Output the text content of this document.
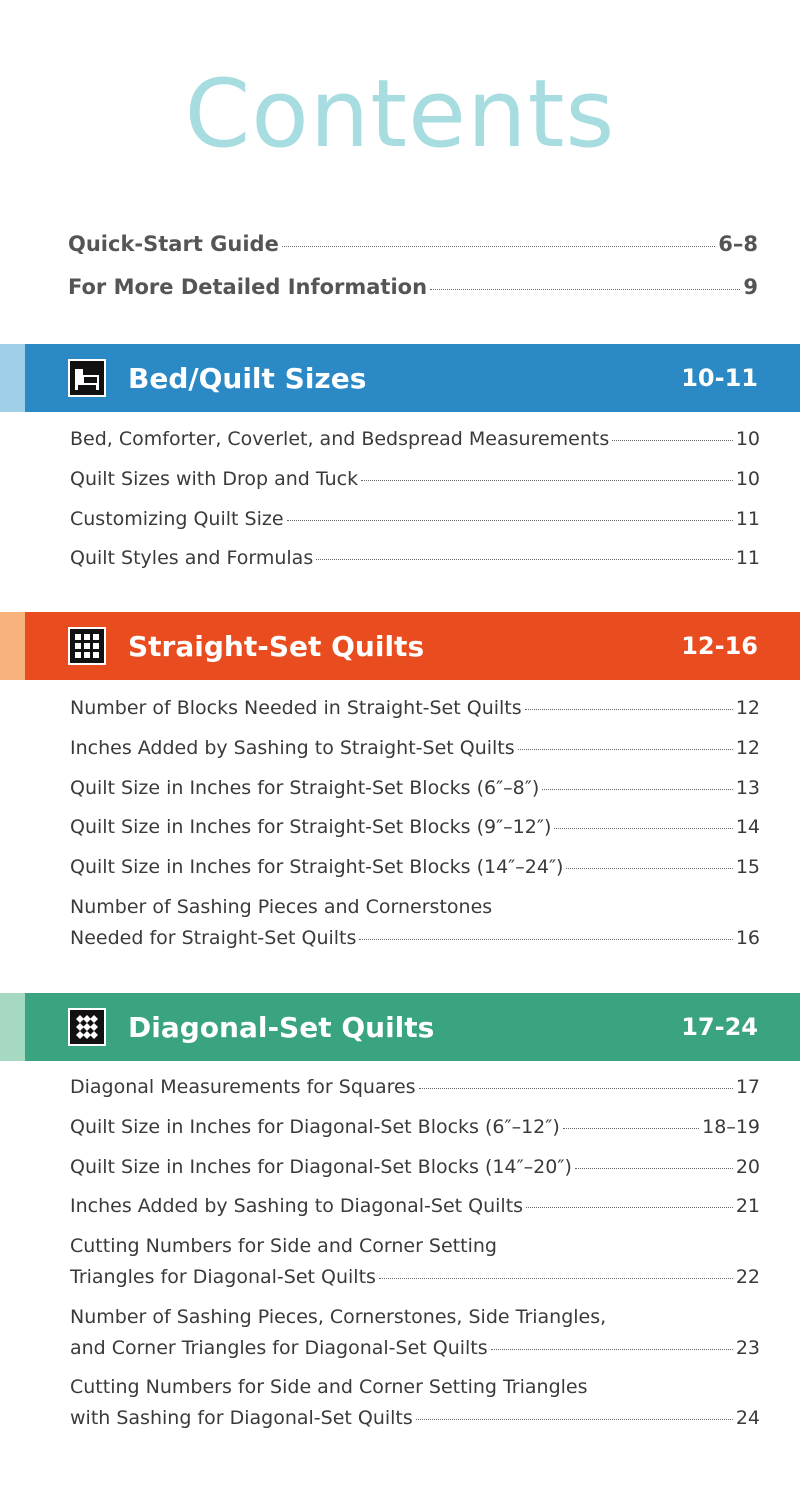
Contents
Quick-Start Guide	6–8
For More Detailed Information	9
Bed/Quilt Sizes	10-11
Bed, Comforter, Coverlet, and Bedspread Measurements	10
Quilt Sizes with Drop and Tuck	10
Customizing Quilt Size	11
Quilt Styles and Formulas	11
Straight-Set Quilts	12-16
Number of Blocks Needed in Straight-Set Quilts	12
Inches Added by Sashing to Straight-Set Quilts	12
Quilt Size in Inches for Straight-Set Blocks (6″–8″)	13
Quilt Size in Inches for Straight-Set Blocks (9″–12″)	14
Quilt Size in Inches for Straight-Set Blocks (14″–24″)	15
Number of Sashing Pieces and Cornerstones
Needed for Straight-Set Quilts	16
Diagonal-Set Quilts	17-24
Diagonal Measurements for Squares	17
Quilt Size in Inches for Diagonal-Set Blocks (6″–12″)	18–19
Quilt Size in Inches for Diagonal-Set Blocks (14″–20″)	20
Inches Added by Sashing to Diagonal-Set Quilts	21
Cutting Numbers for Side and Corner Setting
Triangles for Diagonal-Set Quilts	22
Number of Sashing Pieces, Cornerstones, Side Triangles,
and Corner Triangles for Diagonal-Set Quilts	23
Cutting Numbers for Side and Corner Setting Triangles
with Sashing for Diagonal-Set Quilts	24
